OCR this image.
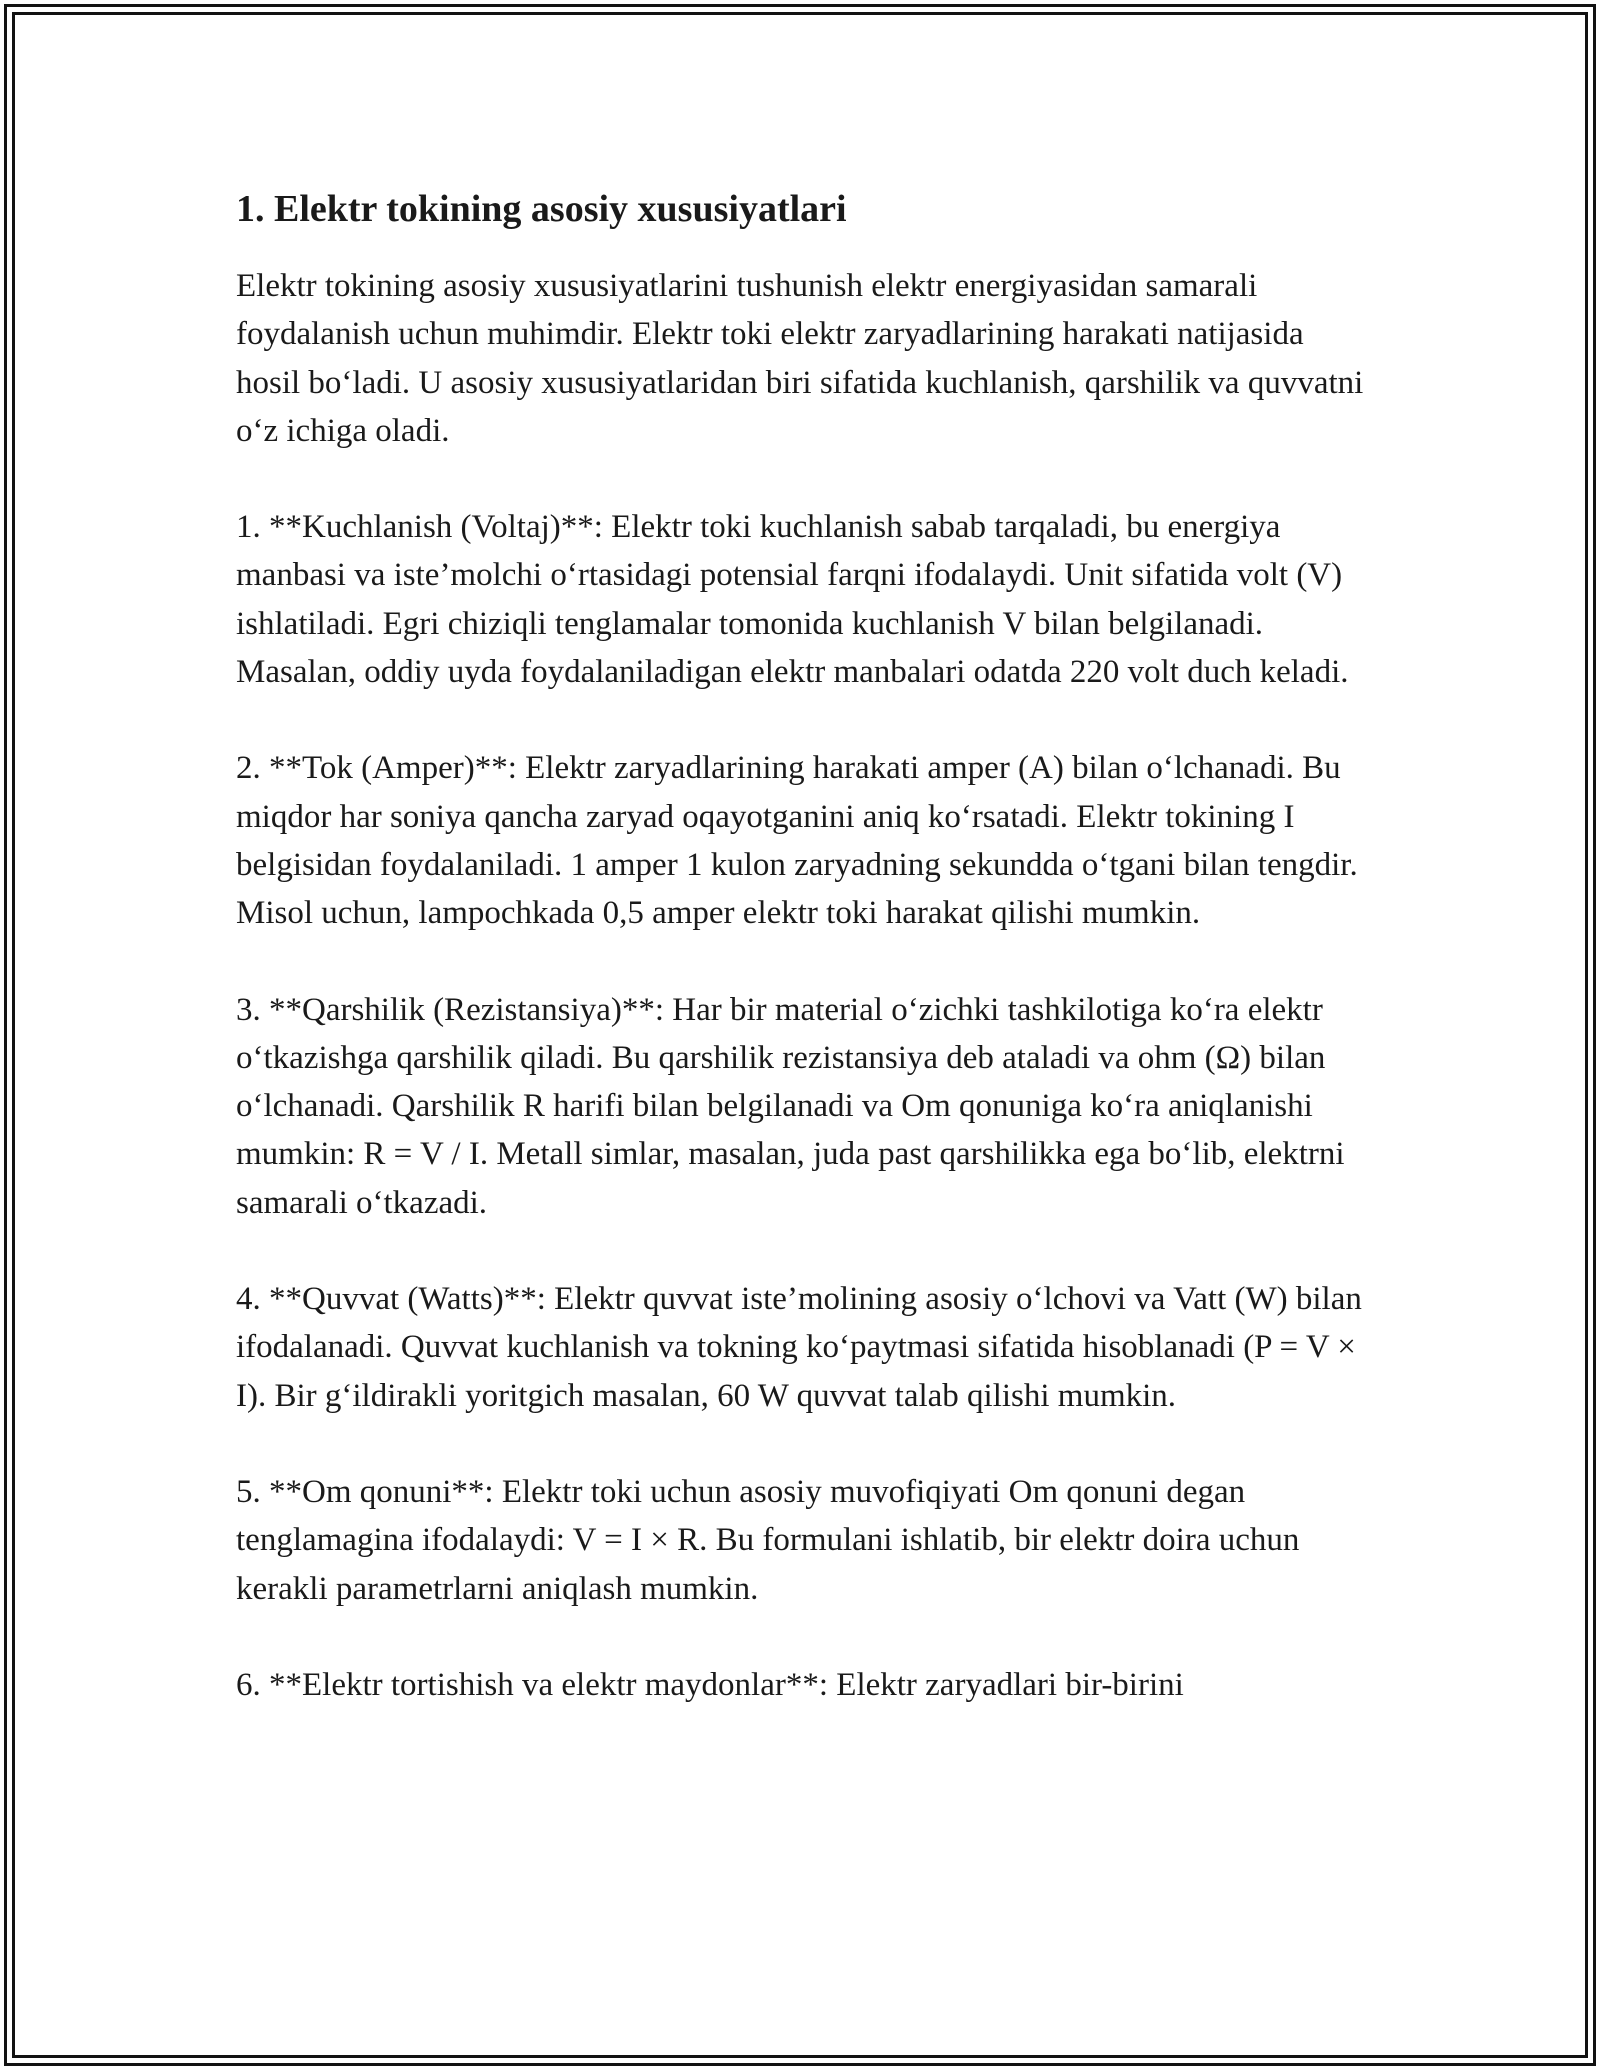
1. Elektr tokining asosiy xususiyatlari

Elektr tokining asosiy xususiyatlarini tushunish elektr energiyasidan samarali foydalanish uchun muhimdir. Elektr toki elektr zaryadlarining harakati natijasida hosil bo‘ladi. U asosiy xususiyatlaridan biri sifatida kuchlanish, qarshilik va quvvatni o‘z ichiga oladi.

1. **Kuchlanish (Voltaj)**: Elektr toki kuchlanish sabab tarqaladi, bu energiya manbasi va iste’molchi o‘rtasidagi potensial farqni ifodalaydi. Unit sifatida volt (V) ishlatiladi. Egri chiziqli tenglamalar tomonida kuchlanish V bilan belgilanadi. Masalan, oddiy uyda foydalaniladigan elektr manbalari odatda 220 volt duch keladi.

2. **Tok (Amper)**: Elektr zaryadlarining harakati amper (A) bilan o‘lchanadi. Bu miqdor har soniya qancha zaryad oqayotganini aniq ko‘rsatadi. Elektr tokining I belgisidan foydalaniladi. 1 amper 1 kulon zaryadning sekundda o‘tgani bilan tengdir. Misol uchun, lampochkada 0,5 amper elektr toki harakat qilishi mumkin.

3. **Qarshilik (Rezistansiya)**: Har bir material o‘zichki tashkilotiga ko‘ra elektr o‘tkazishga qarshilik qiladi. Bu qarshilik rezistansiya deb ataladi va ohm (Ω) bilan o‘lchanadi. Qarshilik R harifi bilan belgilanadi va Om qonuniga ko‘ra aniqlanishi mumkin: R = V / I. Metall simlar, masalan, juda past qarshilikka ega bo‘lib, elektrni samarali o‘tkazadi.

4. **Quvvat (Watts)**: Elektr quvvat iste’molining asosiy o‘lchovi va Vatt (W) bilan ifodalanadi. Quvvat kuchlanish va tokning ko‘paytmasi sifatida hisoblanadi (P = V × I). Bir g‘ildirakli yoritgich masalan, 60 W quvvat talab qilishi mumkin.

5. **Om qonuni**: Elektr toki uchun asosiy muvofiqiyati Om qonuni degan tenglamagina ifodalaydi: V = I × R. Bu formulani ishlatib, bir elektr doira uchun kerakli parametrlarni aniqlash mumkin.

6. **Elektr tortishish va elektr maydonlar**: Elektr zaryadlari bir-birini
